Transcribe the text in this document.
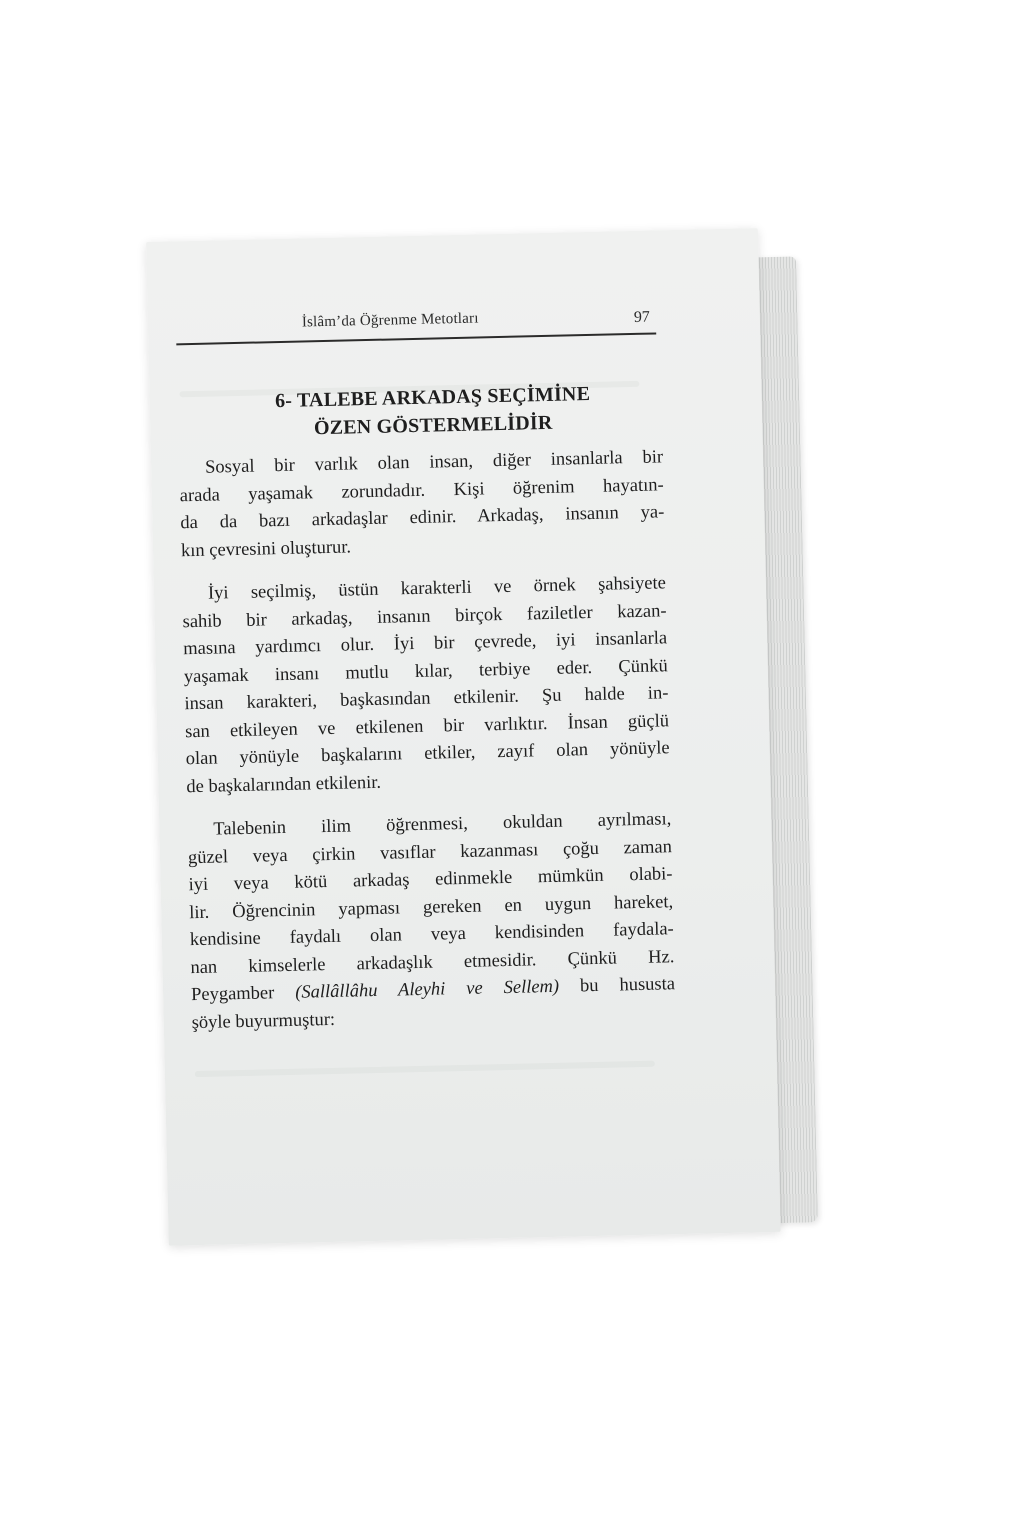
İslâm’da Öğrenme Metotları	97
6- TALEBE ARKADAŞ SEÇİMİNE
ÖZEN GÖSTERMELİDİR
Sosyal bir varlık olan insan, diğer insanlarla bir
arada yaşamak zorundadır. Kişi öğrenim hayatın-
da da bazı arkadaşlar edinir. Arkadaş, insanın ya-
kın çevresini oluşturur.
İyi seçilmiş, üstün karakterli ve örnek şahsiyete
sahib bir arkadaş, insanın birçok faziletler kazan-
masına yardımcı olur. İyi bir çevrede, iyi insanlarla
yaşamak insanı mutlu kılar, terbiye eder. Çünkü
insan karakteri, başkasından etkilenir. Şu halde in-
san etkileyen ve etkilenen bir varlıktır. İnsan güçlü
olan yönüyle başkalarını etkiler, zayıf olan yönüyle
de başkalarından etkilenir.
Talebenin ilim öğrenmesi, okuldan ayrılması,
güzel veya çirkin vasıflar kazanması çoğu zaman
iyi veya kötü arkadaş edinmekle mümkün olabi-
lir. Öğrencinin yapması gereken en uygun hareket,
kendisine faydalı olan veya kendisinden faydala-
nan kimselerle arkadaşlık etmesidir. Çünkü Hz.
Peygamber (Sallâllâhu Aleyhi ve Sellem) bu hususta
şöyle buyurmuştur:
